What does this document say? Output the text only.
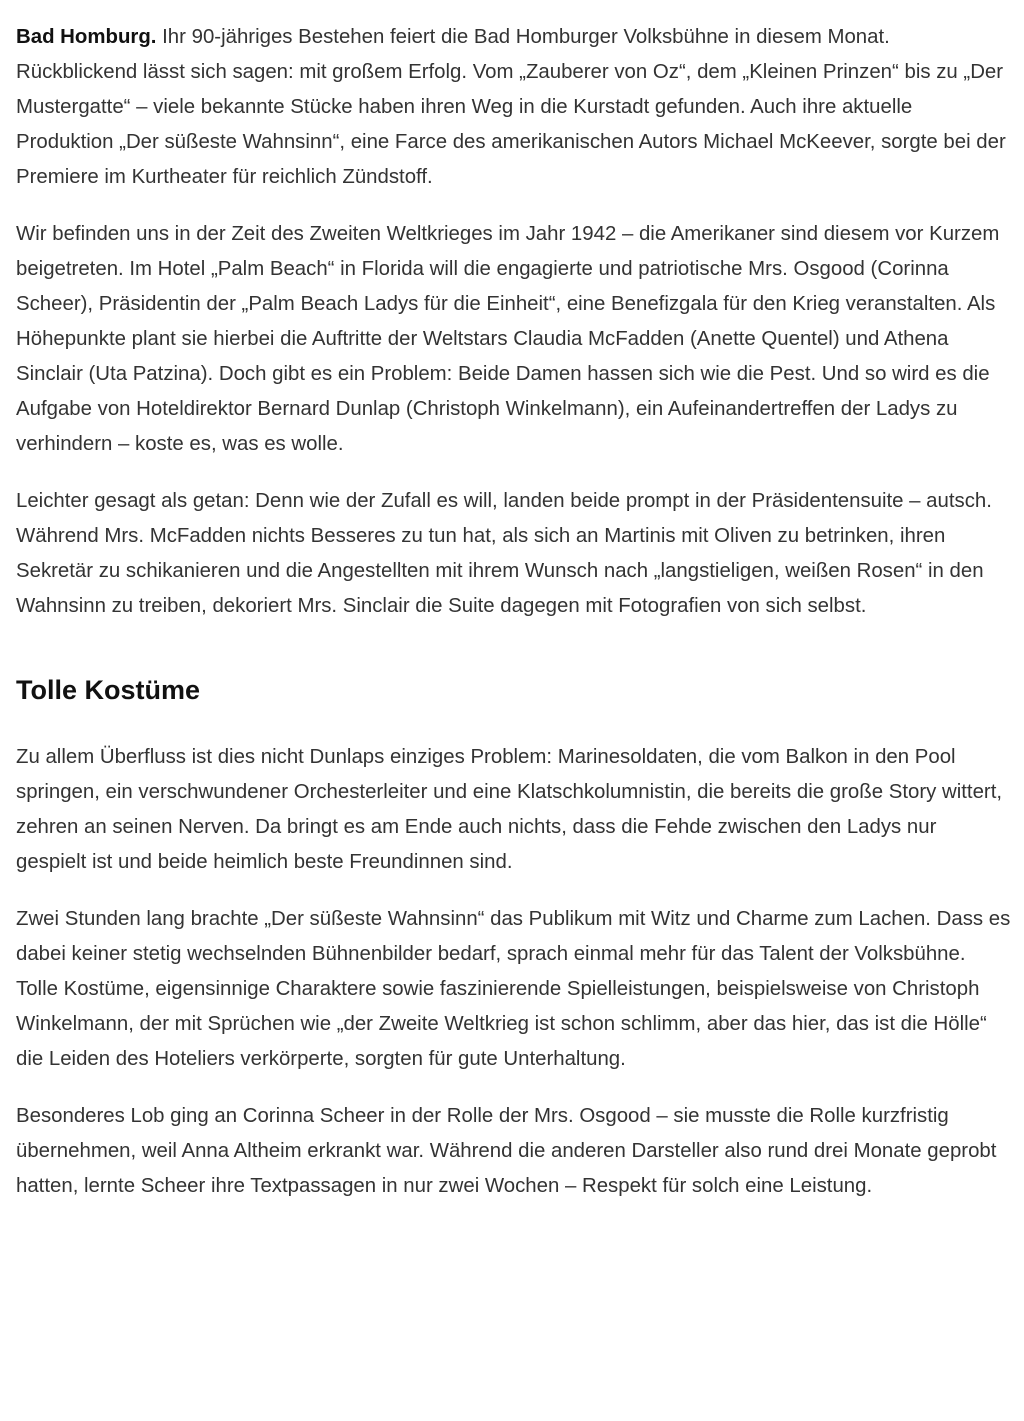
Bad Homburg. Ihr 90-jähriges Bestehen feiert die Bad Homburger Volksbühne in diesem Monat. Rückblickend lässt sich sagen: mit großem Erfolg. Vom „Zauberer von Oz“, dem „Kleinen Prinzen“ bis zu „Der Mustergatte“ – viele bekannte Stücke haben ihren Weg in die Kurstadt gefunden. Auch ihre aktuelle Produktion „Der süßeste Wahnsinn“, eine Farce des amerikanischen Autors Michael McKeever, sorgte bei der Premiere im Kurtheater für reichlich Zündstoff.

Wir befinden uns in der Zeit des Zweiten Weltkrieges im Jahr 1942 – die Amerikaner sind diesem vor Kurzem beigetreten. Im Hotel „Palm Beach“ in Florida will die engagierte und patriotische Mrs. Osgood (Corinna Scheer), Präsidentin der „Palm Beach Ladys für die Einheit“, eine Benefizgala für den Krieg veranstalten. Als Höhepunkte plant sie hierbei die Auftritte der Weltstars Claudia McFadden (Anette Quentel) und Athena Sinclair (Uta Patzina). Doch gibt es ein Problem: Beide Damen hassen sich wie die Pest. Und so wird es die Aufgabe von Hoteldirektor Bernard Dunlap (Christoph Winkelmann), ein Aufeinandertreffen der Ladys zu verhindern – koste es, was es wolle.

Leichter gesagt als getan: Denn wie der Zufall es will, landen beide prompt in der Präsidentensuite – autsch. Während Mrs. McFadden nichts Besseres zu tun hat, als sich an Martinis mit Oliven zu betrinken, ihren Sekretär zu schikanieren und die Angestellten mit ihrem Wunsch nach „langstieligen, weißen Rosen“ in den Wahnsinn zu treiben, dekoriert Mrs. Sinclair die Suite dagegen mit Fotografien von sich selbst.

Tolle Kostüme

Zu allem Überfluss ist dies nicht Dunlaps einziges Problem: Marinesoldaten, die vom Balkon in den Pool springen, ein verschwundener Orchesterleiter und eine Klatschkolumnistin, die bereits die große Story wittert, zehren an seinen Nerven. Da bringt es am Ende auch nichts, dass die Fehde zwischen den Ladys nur gespielt ist und beide heimlich beste Freundinnen sind.

Zwei Stunden lang brachte „Der süßeste Wahnsinn“ das Publikum mit Witz und Charme zum Lachen. Dass es dabei keiner stetig wechselnden Bühnenbilder bedarf, sprach einmal mehr für das Talent der Volksbühne. Tolle Kostüme, eigensinnige Charaktere sowie faszinierende Spielleistungen, beispielsweise von Christoph Winkelmann, der mit Sprüchen wie „der Zweite Weltkrieg ist schon schlimm, aber das hier, das ist die Hölle“ die Leiden des Hoteliers verkörperte, sorgten für gute Unterhaltung.

Besonderes Lob ging an Corinna Scheer in der Rolle der Mrs. Osgood – sie musste die Rolle kurzfristig übernehmen, weil Anna Altheim erkrankt war. Während die anderen Darsteller also rund drei Monate geprobt hatten, lernte Scheer ihre Textpassagen in nur zwei Wochen – Respekt für solch eine Leistung.
